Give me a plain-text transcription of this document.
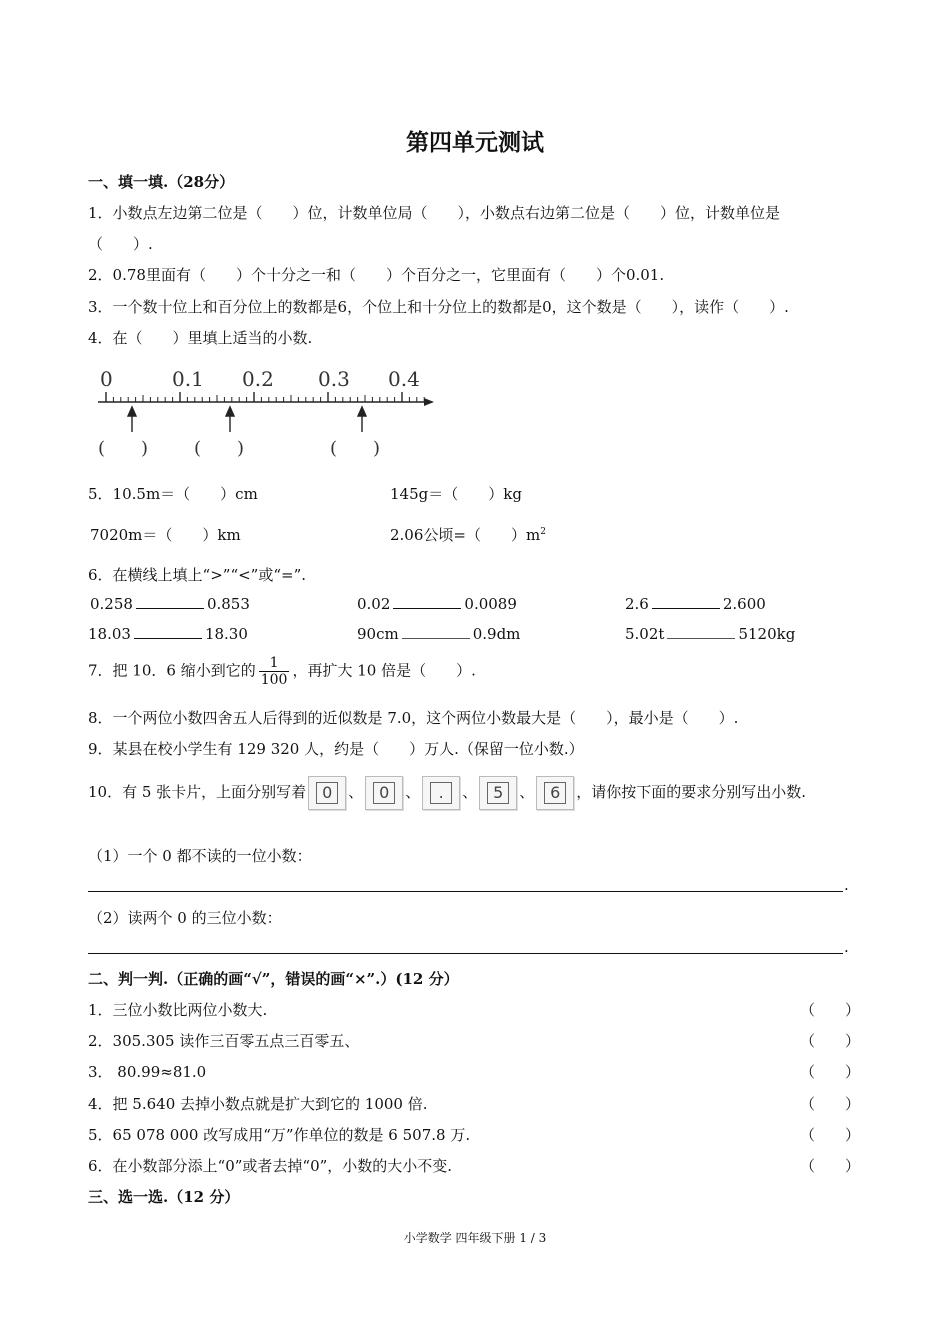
第四单元测试
一、填一填.（28分）
1．小数点左边第二位是（　　）位，计数单位局（　　），小数点右边第二位是（　　）位，计数单位是
（　　）.
2．0.78里面有（　　）个十分之一和（　　）个百分之一，它里面有（　　）个0.01.
3．一个数十位上和百分位上的数都是6，个位上和十分位上的数都是0，这个数是（　　），读作（　　）.
4．在（　　）里填上适当的小数.
0	0.1 0.2 0.3 0.4
(　　)	(　　)	(　　)
5．10.5m＝（　　）cm	145g＝（　　）kg
7020m＝（　　）km	2.06公顷=（　　）$m^2$
6．在横线上填上“>”“<”或“=”.
0.258	0.853	0.02	0.0089	2.6	2.600
18.03	18.30	90cm	0.9dm	5.02t	5120kg
7．把 10．6 缩小到它的 $\frac{1}{100}$ ，再扩大 10 倍是（　　）.
8．一个两位小数四舍五人后得到的近似数是 7.0，这个两位小数最大是（　　），最小是（　　）.
9．某县在校小学生有 129 320 人，约是（　　）万人.（保留一位小数.）
10．有 5 张卡片，上面分别写着 0	、 0	、	.	、 5	、 6	，请你按下面的要求分别写出小数.
（1）一个 0 都不读的一位小数：
.
（2）读两个 0 的三位小数：
.
二、判一判.（正确的画“√”，错误的画“×”.）(12 分）
1．三位小数比两位小数大.	（　　）
2．305.305 读作三百零五点三百零五、	（　　）
3． 80.99≈81.0	（　　）
4．把 5.640 去掉小数点就是扩大到它的 1000 倍.	（　　）
5．65 078 000 改写成用“万”作单位的数是 6 507.8 万.	（　　）
6．在小数部分添上“0”或者去掉“0”，小数的大小不变.	（　　）
三、选一选.（12 分）
小学数学 四年级下册 1 / 3
